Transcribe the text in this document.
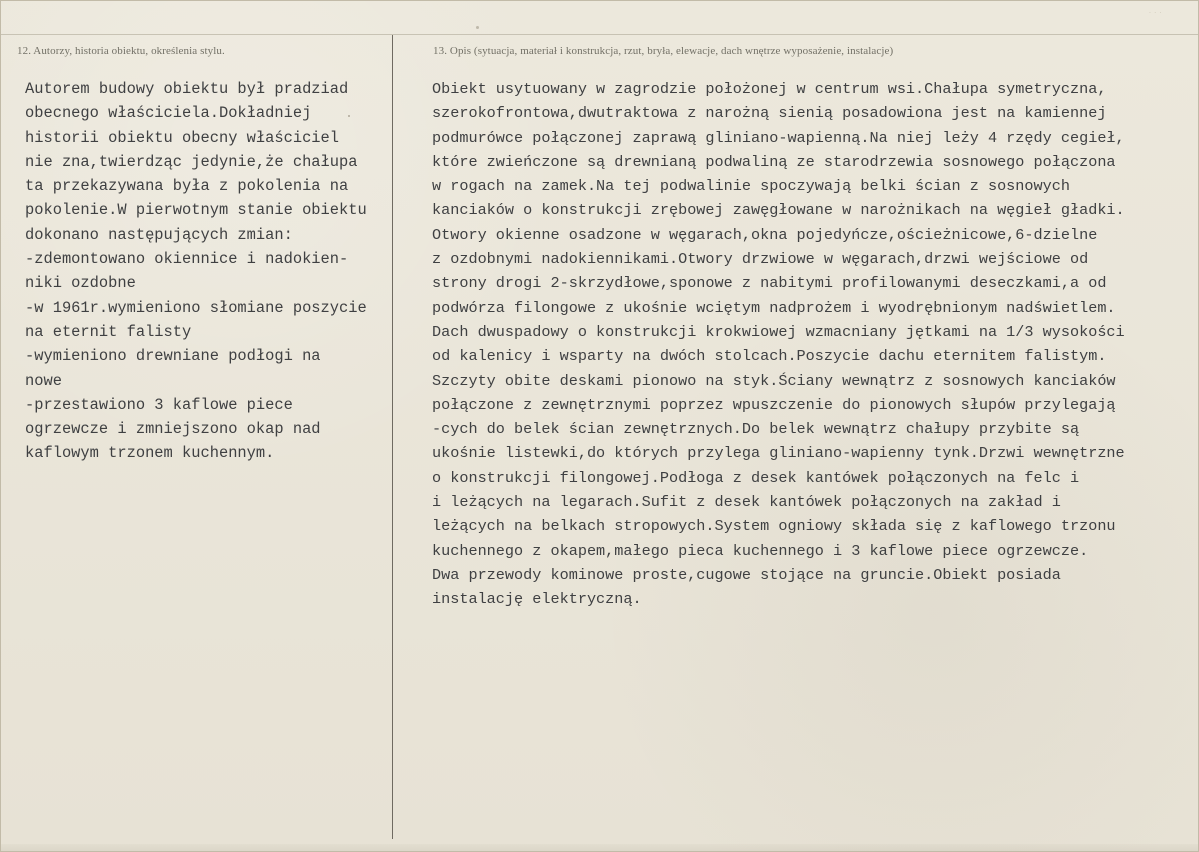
· · ·
12. Autorzy, historia obiektu, określenia stylu.	13. Opis (sytuacja, materiał i konstrukcja, rzut, bryła, elewacje, dach wnętrze wyposażenie, instalacje)
Autorem budowy obiektu był pradziad
obecnego właściciela.Dokładniej
historii obiektu obecny właściciel
nie zna,twierdząc jedynie,że chałupa
ta przekazywana była z pokolenia na
pokolenie.W pierwotnym stanie obiektu
dokonano następujących zmian:
-zdemontowano okiennice i nadokien-
niki ozdobne
-w 1961r.wymieniono słomiane poszycie
na eternit falisty
-wymieniono drewniane podłogi na
nowe
-przestawiono 3 kaflowe piece
ogrzewcze i zmniejszono okap nad
kaflowym trzonem kuchennym.
Obiekt usytuowany w zagrodzie położonej w centrum wsi.Chałupa symetryczna,
szerokofrontowa,dwutraktowa z narożną sienią posadowiona jest na kamiennej
podmurówce połączonej zaprawą gliniano-wapienną.Na niej leży 4 rzędy cegieł,
które zwieńczone są drewnianą podwaliną ze starodrzewia sosnowego połączona
w rogach na zamek.Na tej podwalinie spoczywają belki ścian z sosnowych
kanciaków o konstrukcji zrębowej zawęgłowane w narożnikach na węgieł gładki.
Otwory okienne osadzone w węgarach,okna pojedyńcze,ościeżnicowe,6-dzielne
z ozdobnymi nadokiennikami.Otwory drzwiowe w węgarach,drzwi wejściowe od
strony drogi 2-skrzydłowe,sponowe z nabitymi profilowanymi deseczkami,a od
podwórza filongowe z ukośnie wciętym nadprożem i wyodrębnionym nadświetlem.
Dach dwuspadowy o konstrukcji krokwiowej wzmacniany jętkami na 1/3 wysokości
od kalenicy i wsparty na dwóch stolcach.Poszycie dachu eternitem falistym.
Szczyty obite deskami pionowo na styk.Ściany wewnątrz z sosnowych kanciaków
połączone z zewnętrznymi poprzez wpuszczenie do pionowych słupów przylegają
-cych do belek ścian zewnętrznych.Do belek wewnątrz chałupy przybite są
ukośnie listewki,do których przylega gliniano-wapienny tynk.Drzwi wewnętrzne
o konstrukcji filongowej.Podłoga z desek kantówek połączonych na felc i
i leżących na legarach.Sufit z desek kantówek połączonych na zakład i
leżących na belkach stropowych.System ogniowy składa się z kaflowego trzonu
kuchennego z okapem,małego pieca kuchennego i 3 kaflowe piece ogrzewcze.
Dwa przewody kominowe proste,cugowe stojące na gruncie.Obiekt posiada
instalację elektryczną.
